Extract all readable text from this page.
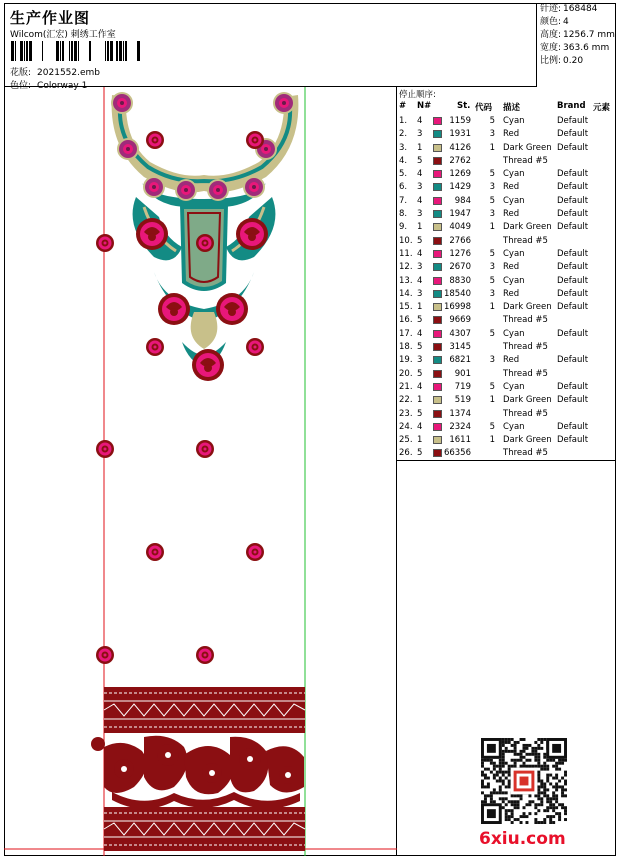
生产作业图
Wilcom(汇宏) 刺绣工作室
花版: 2021552.emb
色位: Colorway 1
针迹: 168484
颜色: 4
高度: 1256.7 mm
宽度: 363.6 mm
比例: 0.20
停止顺序:
# N#	St. 代码 描述	Brand 元素
1. 4	1159	5 Cyan	Default
2. 3	1931	3 Red	Default
3. 1	4126	1 Dark Green Default
4. 5	2762	Thread #5
5. 4	1269	5 Cyan	Default
6. 3	1429	3 Red	Default
7. 4	984	5 Cyan	Default
8. 3	1947	3 Red	Default
9. 1	4049	1 Dark Green Default
10. 5	2766	Thread #5
11. 4	1276	5 Cyan	Default
12. 3	2670	3 Red	Default
13. 4	8830	5 Cyan	Default
14. 3	18540	3 Red	Default
15. 1	16998	1 Dark Green Default
16. 5	9669	Thread #5
17. 4	4307	5 Cyan	Default
18. 5	3145	Thread #5
19. 3	6821	3 Red	Default
20. 5	901	Thread #5
21. 4	719	5 Cyan	Default
22. 1	519	1 Dark Green Default
23. 5	1374	Thread #5
24. 4	2324	5 Cyan	Default
25. 1	1611	1 Dark Green Default
26. 5	66356	Thread #5
6xiu.com
